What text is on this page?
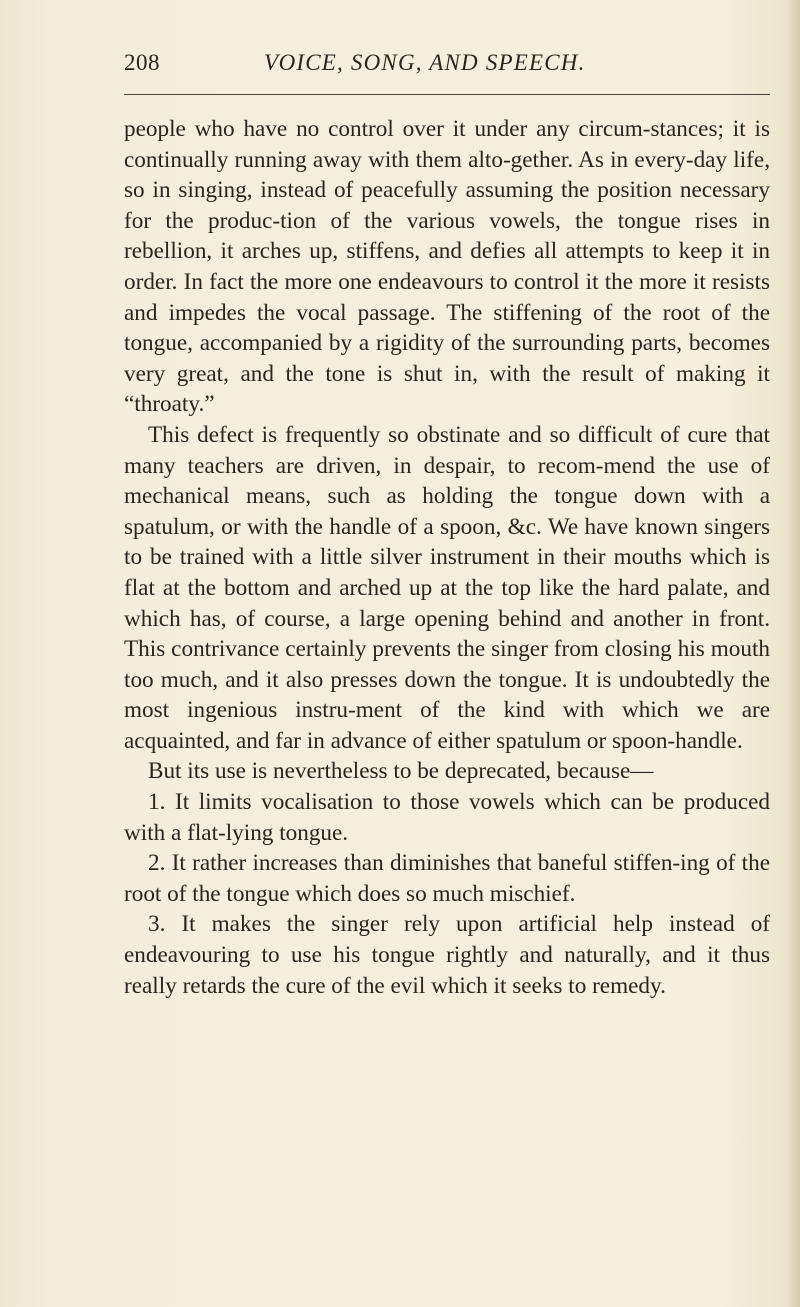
208	VOICE, SONG, AND SPEECH.

people who have no control over it under any circum-stances; it is continually running away with them alto-gether. As in every-day life, so in singing, instead of peacefully assuming the position necessary for the produc-tion of the various vowels, the tongue rises in rebellion, it arches up, stiffens, and defies all attempts to keep it in order. In fact the more one endeavours to control it the more it resists and impedes the vocal passage. The stiffening of the root of the tongue, accompanied by a rigidity of the surrounding parts, becomes very great, and the tone is shut in, with the result of making it “throaty.”

This defect is frequently so obstinate and so difficult of cure that many teachers are driven, in despair, to recom-mend the use of mechanical means, such as holding the tongue down with a spatulum, or with the handle of a spoon, &c. We have known singers to be trained with a little silver instrument in their mouths which is flat at the bottom and arched up at the top like the hard palate, and which has, of course, a large opening behind and another in front. This contrivance certainly prevents the singer from closing his mouth too much, and it also presses down the tongue. It is undoubtedly the most ingenious instru-ment of the kind with which we are acquainted, and far in advance of either spatulum or spoon-handle.

But its use is nevertheless to be deprecated, because—

1. It limits vocalisation to those vowels which can be produced with a flat-lying tongue.

2. It rather increases than diminishes that baneful stiffen-ing of the root of the tongue which does so much mischief.

3. It makes the singer rely upon artificial help instead of endeavouring to use his tongue rightly and naturally, and it thus really retards the cure of the evil which it seeks to remedy.
